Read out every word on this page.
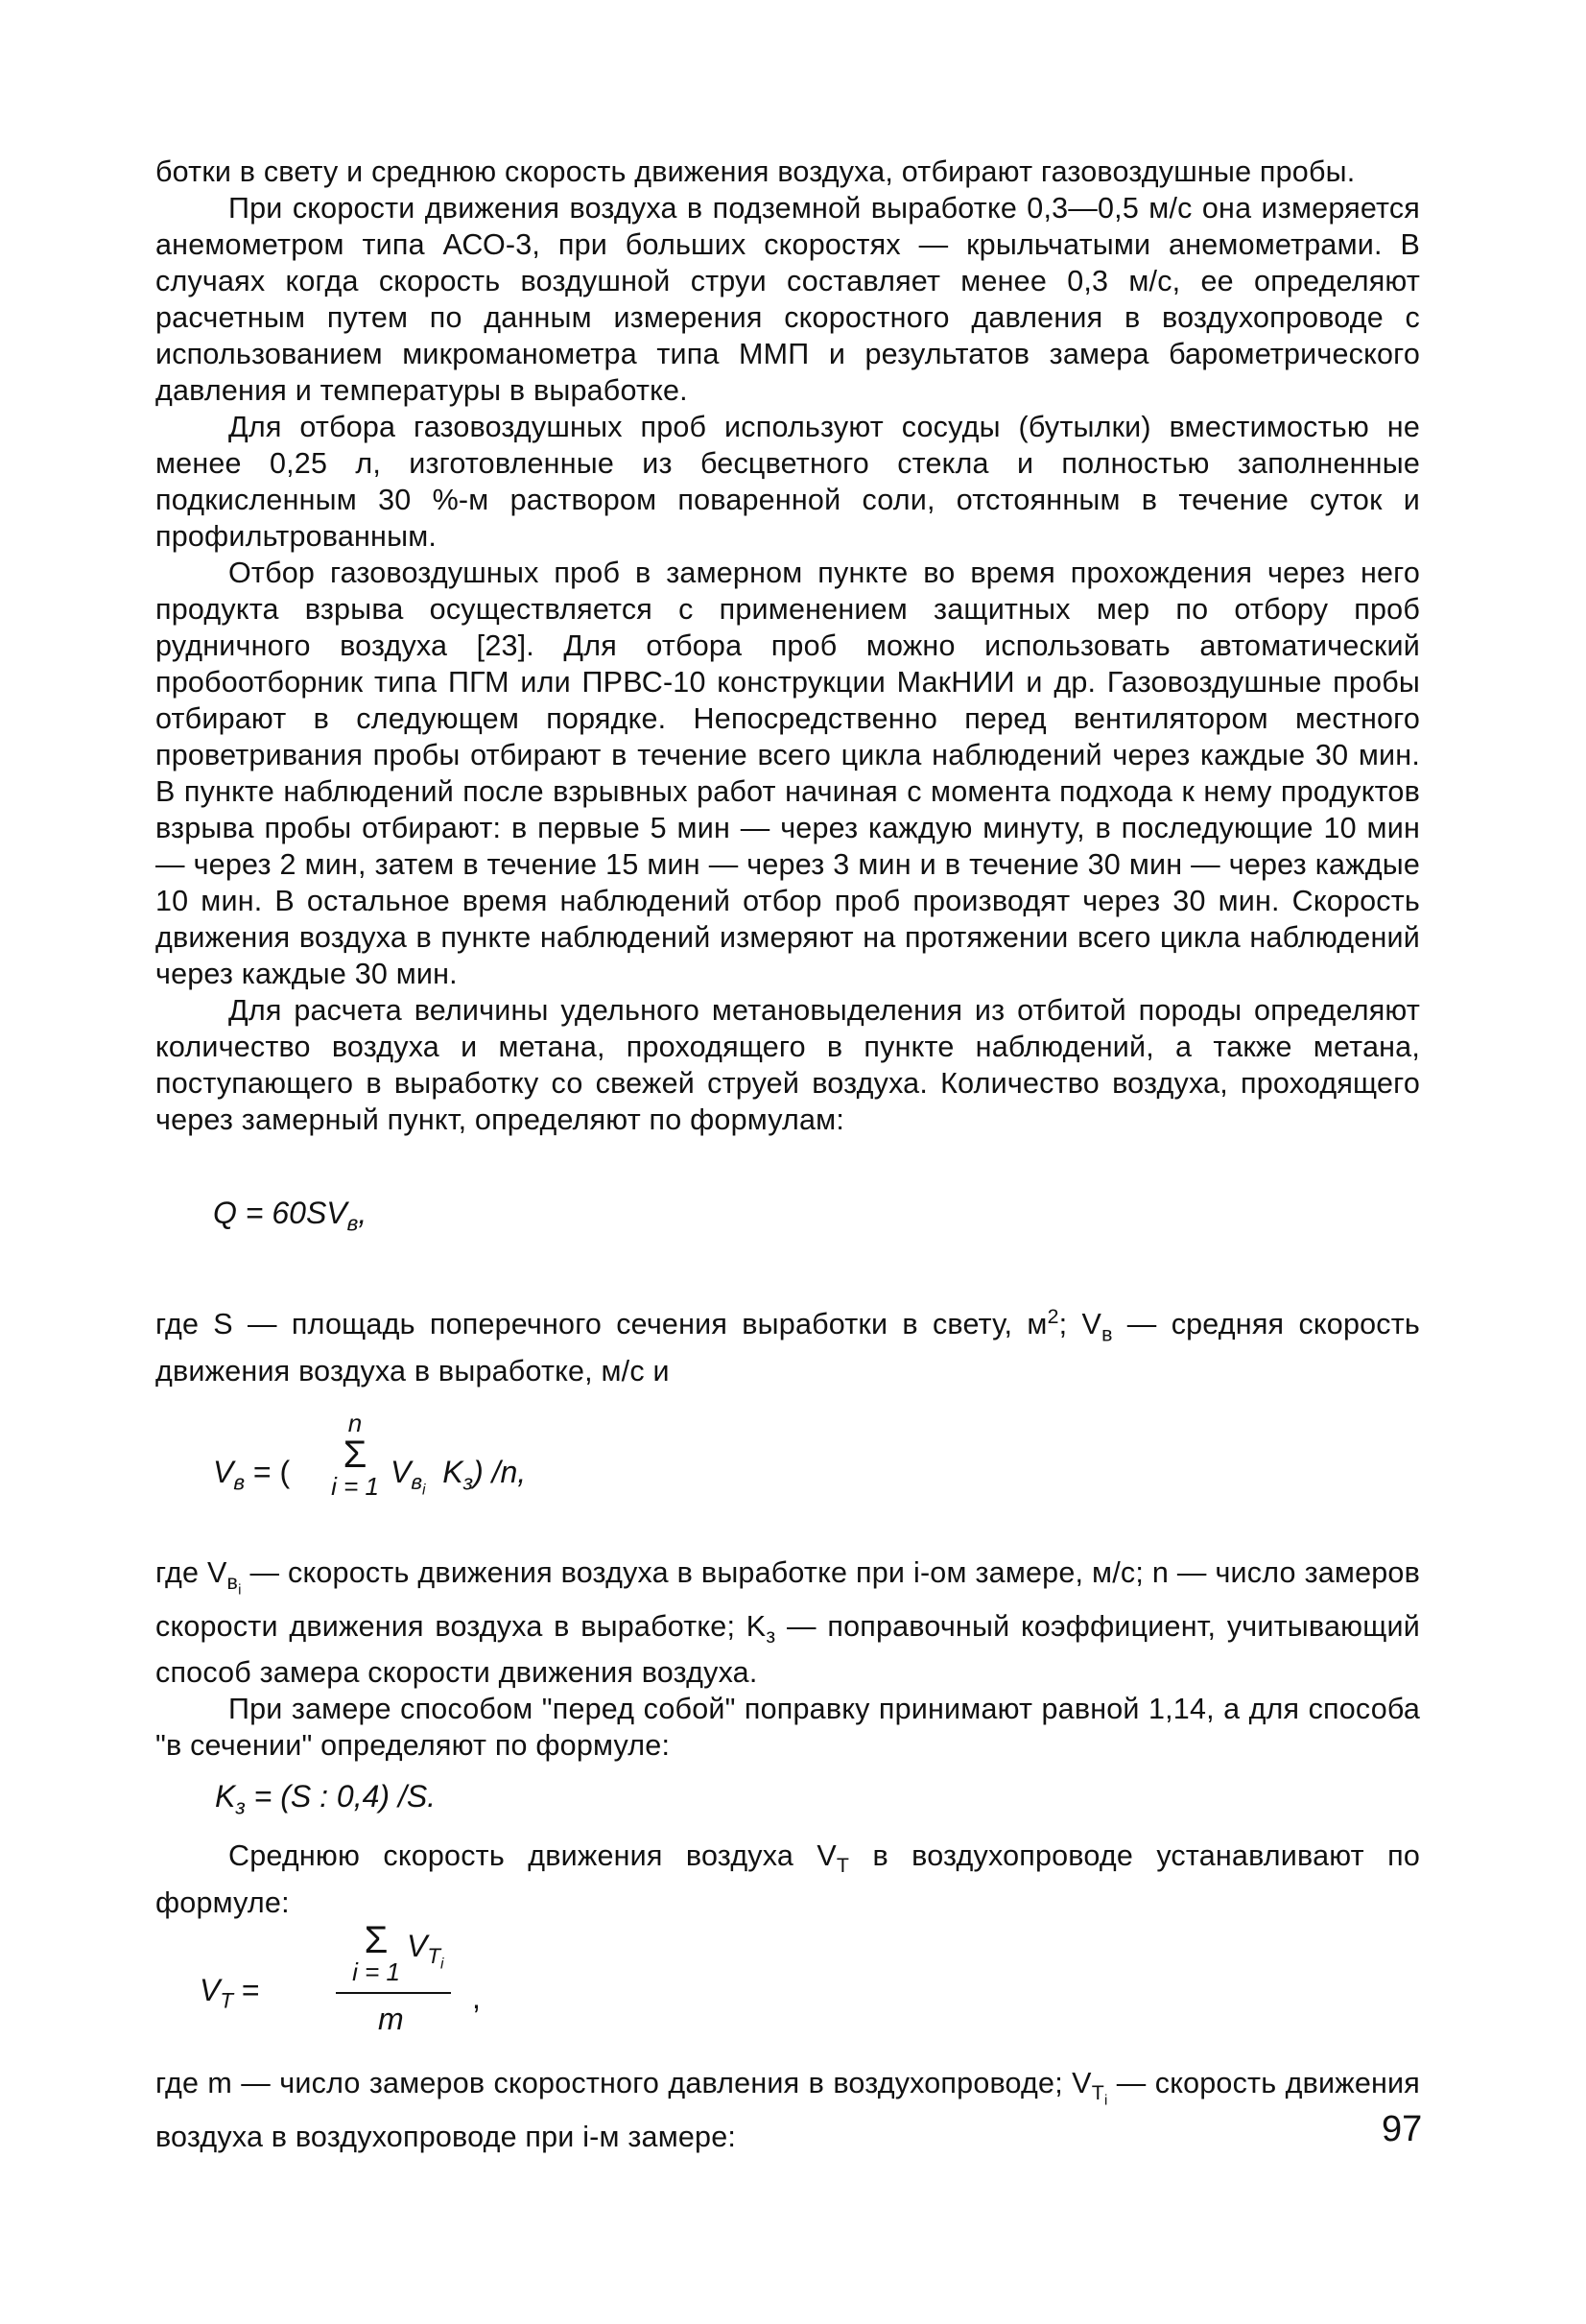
ботки в свету и среднюю скорость движения воздуха, отбирают газовоздушные пробы.

При скорости движения воздуха в подземной выработке 0,3—0,5 м/с она измеряется анемометром типа АСО-3, при больших скоростях — крыльчатыми анемометрами. В случаях когда скорость воздушной струи составляет менее 0,3 м/с, ее определяют расчетным путем по данным измерения скоростного давления в воздухопроводе с использованием микроманометра типа ММП и результатов замера барометрического давления и температуры в выработке.

Для отбора газовоздушных проб используют сосуды (бутылки) вместимостью не менее 0,25 л, изготовленные из бесцветного стекла и полностью заполненные подкисленным 30 %-м раствором поваренной соли, отстоянным в течение суток и профильтрованным.

Отбор газовоздушных проб в замерном пункте во время прохождения через него продукта взрыва осуществляется с применением защитных мер по отбору проб рудничного воздуха [23]. Для отбора проб можно использовать автоматический пробоотборник типа ПГМ или ПРВС-10 конструкции МакНИИ и др. Газовоздушные пробы отбирают в следующем порядке. Непосредственно перед вентилятором местного проветривания пробы отбирают в течение всего цикла наблюдений через каждые 30 мин. В пункте наблюдений после взрывных работ начиная с момента подхода к нему продуктов взрыва пробы отбирают: в первые 5 мин — через каждую минуту, в последующие 10 мин — через 2 мин, затем в течение 15 мин — через 3 мин и в течение 30 мин — через каждые 10 мин. В остальное время наблюдений отбор проб производят через 30 мин. Скорость движения воздуха в пункте наблюдений измеряют на протяжении всего цикла наблюдений через каждые 30 мин.

Для расчета величины удельного метановыделения из отбитой породы определяют количество воздуха и метана, проходящего в пункте наблюдений, а также метана, поступающего в выработку со свежей струей воздуха. Количество воздуха, проходящего через замерный пункт, определяют по формулам:

$Q = 60SV_в$,

где S — площадь поперечного сечения выработки в свету, $м^2$; $V_в$ — средняя скорость движения воздуха в выработке, м/с и

$V_в$ = (
n
Σ
i = 1 $V_{в_i}$  $K_з$) /n,

где $V_{в_i}$ — скорость движения воздуха в выработке при i-ом замере, м/с; n — число замеров скорости движения воздуха в выработке; $K_з$ — поправочный коэффициент, учитывающий способ замера скорости движения воздуха.

При замере способом "перед собой" поправку принимают равной 1,14, а для способа "в сечении" определяют по формуле:

$K_з = (S$ : 0,4) /S.

Среднюю скорость движения воздуха $V_T$ в воздухопроводе устанавливают по формуле:

Σ
i = 1
$V_{T_i}$
$V_T$ =
m
,

где m — число замеров скоростного давления в воздухопроводе; $V_{T_i}$ — скорость движения воздуха в воздухопроводе при i-м замере:	97
